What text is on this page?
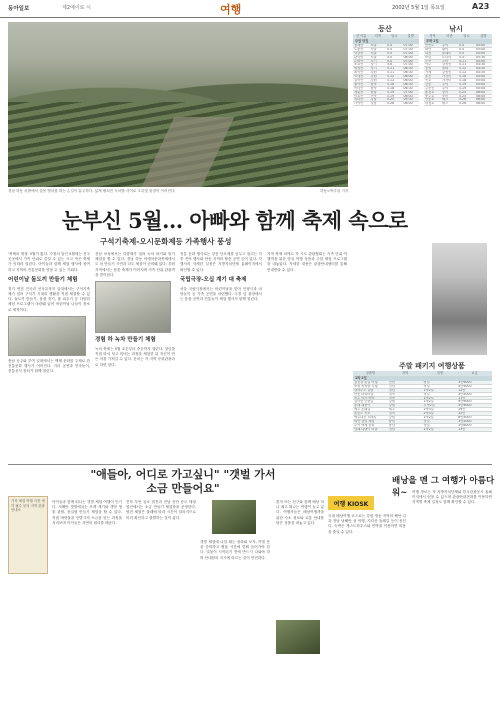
동아일보	제2예이로 시	여행	2002년 5월 1일 목요일	A23
경남 하동 차밭에서 올봄 햇차를 따는 손길이 분주하다. 넓게 펼쳐진 녹차밭 사이로 초록빛 물결이 이어진다.	하동=박주일 기자
눈부신 5월… 아빠와 함께 축제 속으로
구석기축제-오시문화제등 가족행사 풍성

'축제의 계절' 5월이 왔다. 가정의 달인 5월에는 전국 곳곳에서 가족 단위로 즐길 수 있는 크고 작은 축제가 잇따라 열린다. 아이들과 함께 체험 행사에 참여하고 지역의 전통문화를 엿볼 수 있는 기회다.

어린이날 돌도끼 만들기 체험

경기 연천 전곡리 선사유적지 일대에서는 구석기축제가 열려 구석기 시대의 생활을 직접 체험할 수 있다. 돌도끼 만들기, 움집 짓기, 불 피우기 등 다양한 체험 프로그램이 마련돼 있어 어린이날 나들이 장소로 제격이다.

충남 공주와 부여 일대에서는 백제 문화를 주제로 한 전통문화 행사가 이어진다. 거리 공연과 민속놀이, 전통음식 장터가 함께 열린다.

전남 보성에서는 다향제가 열려 녹차 따기와 덖기 체험을 할 수 있다. 경남 하동 야생차문화축제에서도 차 만들기 시연과 다도 체험이 준비돼 있다. 강원 지역에서는 봄꽃 축제가 이어지며 가족 단위 관광객을 맞이한다.

경험 하 녹차 만들기 체험

녹차 축제는 5월 초순부터 중순까지 열린다. 찻잎을 직접 따서 덖고 비비는 과정을 체험한 뒤 자신이 만든 차를 가져갈 수 있다. 문의는 각 지역 문화관광과로 하면 된다.

전통 문화 행사로는 강릉 단오제를 앞두고 열리는 각종 전야 행사와 안동 지역의 탈춤 공연 등이 있다. 각 행사의 자세한 일정은 지방자치단체 홈페이지에서 확인할 수 있다.

국립극장-오십 계기 대 축제

서울 국립극장에서는 어린이날을 맞아 인형극과 마당놀이 등 가족 공연을 마련했다. 극장 앞 광장에서는 풍물 공연과 전통놀이 체험 행사가 함께 열린다.

지역 축제 외에도 각 시도 관광협회는 가족 단위 여행객을 위한 당일 여행 상품과 주말 체험 프로그램을 내놓았다. 자세한 내용은 관광안내센터를 통해 안내받을 수 있다.

등산	낚시
산 이름	지역	일시	출발
주말 당일
청계산	서울	5.4	07:00
도봉산	서울	5.4	07:30
북한산	서울	5.5	07:00
관악산	서울	5.5	08:00
수락산	경기	5.5	07:00
소요산	경기	5.6	07:00
명성산	경기	5.11	06:30
치악산	강원	5.11	06:30
오대산	강원	5.12	06:00
설악산	강원	5.12	06:00
월악산	충북	5.18	06:30
속리산	충북	5.18	06:30
계룡산	충남	5.19	07:00
덕유산	전북	5.19	06:00
지리산	경남	5.25	05:30
가야산	경남	5.26	06:00
지역	어종	일시	출발
무박 2일
안면도	우럭	5.4	05:00
태안	광어	5.4	05:00
대천	놀래미	5.5	05:00
보령	도다리	5.5	05:30
군산	우럭	5.11	05:00
여수	감성돔	5.11	04:30
통영	볼락	5.12	04:30
거제	감성돔	5.12	04:30
울진	가자미	5.18	05:00
속초	가자미	5.18	05:00
강릉	우럭	5.19	05:00
주문진	우럭	5.19	05:00
춘천호	붕어	5.25	06:00
충주호	붕어	5.25	06:00
안동호	배스	5.26	06:00
대청호	배스	5.26	06:00
주말 패키지 여행상품
상품명	지역	일정	요금
1박 2일
섬진강 꽃길 여행	전남	당일	3만9000
보성 녹차밭 기행	전남	당일	4만5000
한려수도 유람	경남	1박2일	12만
안동 하회마을	경북	당일	3만5000
경주 역사 탐방	경북	1박2일	11만
설악산 단풍길	강원	1박2일	9만9000
동해 해돋이	강원	무박2일	4만9000
제주 올레길	제주	2박3일	29만
울릉도 독도	경북	2박3일	32만
백두대간 트레킹	강원	1박2일	8만5000
태안 갯벌 체험	충남	당일	3만2000
부여 백제 문화	충남	당일	3만8000
남해 다랭이 마을	경남	1박2일	13만
"애들아, 어디로 가고싶니" "갯벌 가서 소금 만들어요"
배낭을 멘 그 여행가 아름다워~
여행 KIOSK
가족 체험 여행 사전 예약 필수 문의 지역 관광안내소

아이들과 함께 떠나는 갯벌 체험 여행이 인기다. 서해안 갯벌에서는 조개 캐기와 갯벌 생물 관찰, 천일염 만들기 체험을 할 수 있다. 직접 바닷물을 증발시켜 소금을 얻는 과정을 지켜보며 아이들은 자연의 원리를 배운다.

전북 부안 곰소 염전과 전남 신안 증도 태평염전에서는 소금 만들기 체험장을 운영한다. 염전 체험은 물때에 따라 시간이 달라지므로 미리 확인하고 출발하는 것이 좋다.

갯벌 체험에 나설 때는 장화와 모자, 여벌 옷을 준비하고 썰물 시간에 맞춰 들어가야 한다. 밀물이 시작되기 전에 반드시 나와야 하며 안내원의 지시에 따르는 것이 안전하다.

혼자 또는 친구와 함께 배낭 하나 메고 떠나는 여행이 늘고 있다. 여행사들은 배낭여행객을 위한 숙소 정보와 교통 안내를 담은 상품을 내놓고 있다.

국내 배낭여행 코스로는 강원 영동 지역의 해안 길과 전남 남해안 섬 여행, 지리산 둘레길 등이 꼽힌다. 숙박은 게스트하우스와 민박을 이용하면 비용을 줄일 수 있다.

여행 정보는 각 지방자치단체와 한국관광공사 홈페이지에서 얻을 수 있으며 관광안내전화를 이용하면 지역별 축제 일정도 함께 확인할 수 있다.
